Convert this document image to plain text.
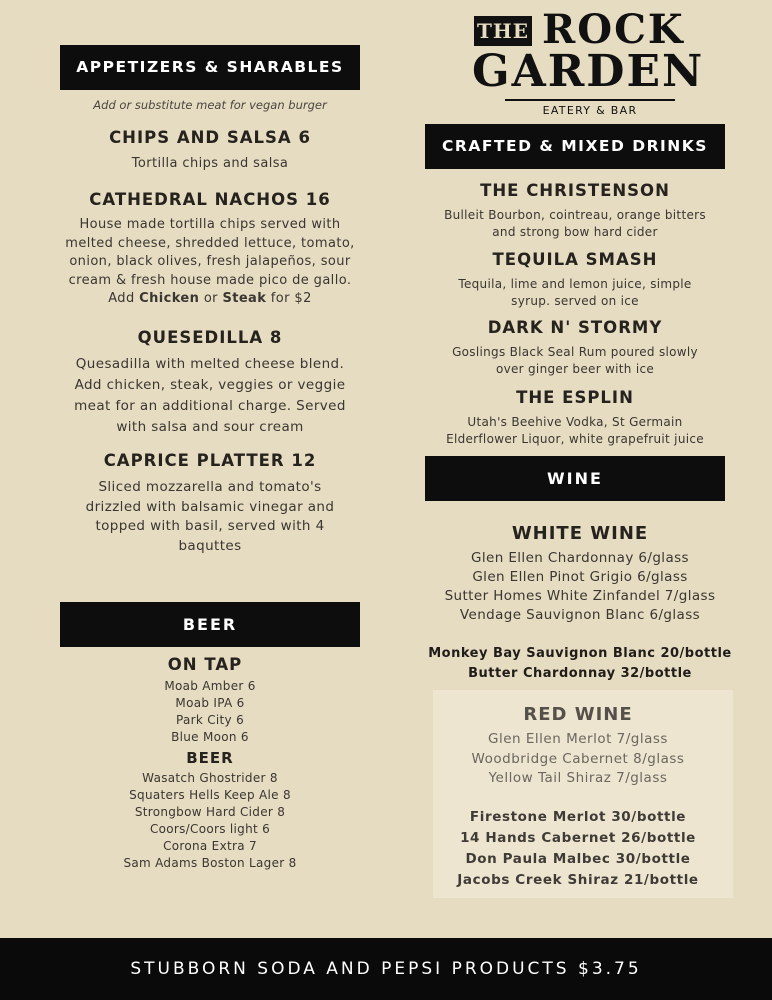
THE ROCK
GARDEN
EATERY & BAR
APPETIZERS & SHARABLES
Add or substitute meat for vegan burger
CHIPS AND SALSA 6
Tortilla chips and salsa
CATHEDRAL NACHOS 16
House made tortilla chips served with
melted cheese, shredded lettuce, tomato,
onion, black olives, fresh jalapeños, sour
cream & fresh house made pico de gallo.
Add Chicken or Steak for $2
QUESEDILLA 8
Quesadilla with melted cheese blend.
Add chicken, steak, veggies or veggie
meat for an additional charge. Served
with salsa and sour cream
CAPRICE PLATTER 12
Sliced mozzarella and tomato's
drizzled with balsamic vinegar and
topped with basil, served with 4
baquttes
BEER
ON TAP
Moab Amber 6
Moab IPA 6
Park City 6
Blue Moon 6
BEER
Wasatch Ghostrider 8
Squaters Hells Keep Ale 8
Strongbow Hard Cider 8
Coors/Coors light 6
Corona Extra 7
Sam Adams Boston Lager 8
CRAFTED & MIXED DRINKS
THE CHRISTENSON
Bulleit Bourbon, cointreau, orange bitters
and strong bow hard cider
TEQUILA SMASH
Tequila, lime and lemon juice, simple
syrup. served on ice
DARK N' STORMY
Goslings Black Seal Rum poured slowly
over ginger beer with ice
THE ESPLIN
Utah's Beehive Vodka, St Germain
Elderflower Liquor, white grapefruit juice
WINE
WHITE WINE
Glen Ellen Chardonnay 6/glass
Glen Ellen Pinot Grigio 6/glass
Sutter Homes White Zinfandel 7/glass
Vendage Sauvignon Blanc 6/glass
Monkey Bay Sauvignon Blanc 20/bottle
Butter Chardonnay 32/bottle
RED WINE
Glen Ellen Merlot 7/glass
Woodbridge Cabernet 8/glass
Yellow Tail Shiraz 7/glass
Firestone Merlot 30/bottle
14 Hands Cabernet 26/bottle
Don Paula Malbec 30/bottle
Jacobs Creek Shiraz 21/bottle
STUBBORN SODA AND PEPSI PRODUCTS $3.75
